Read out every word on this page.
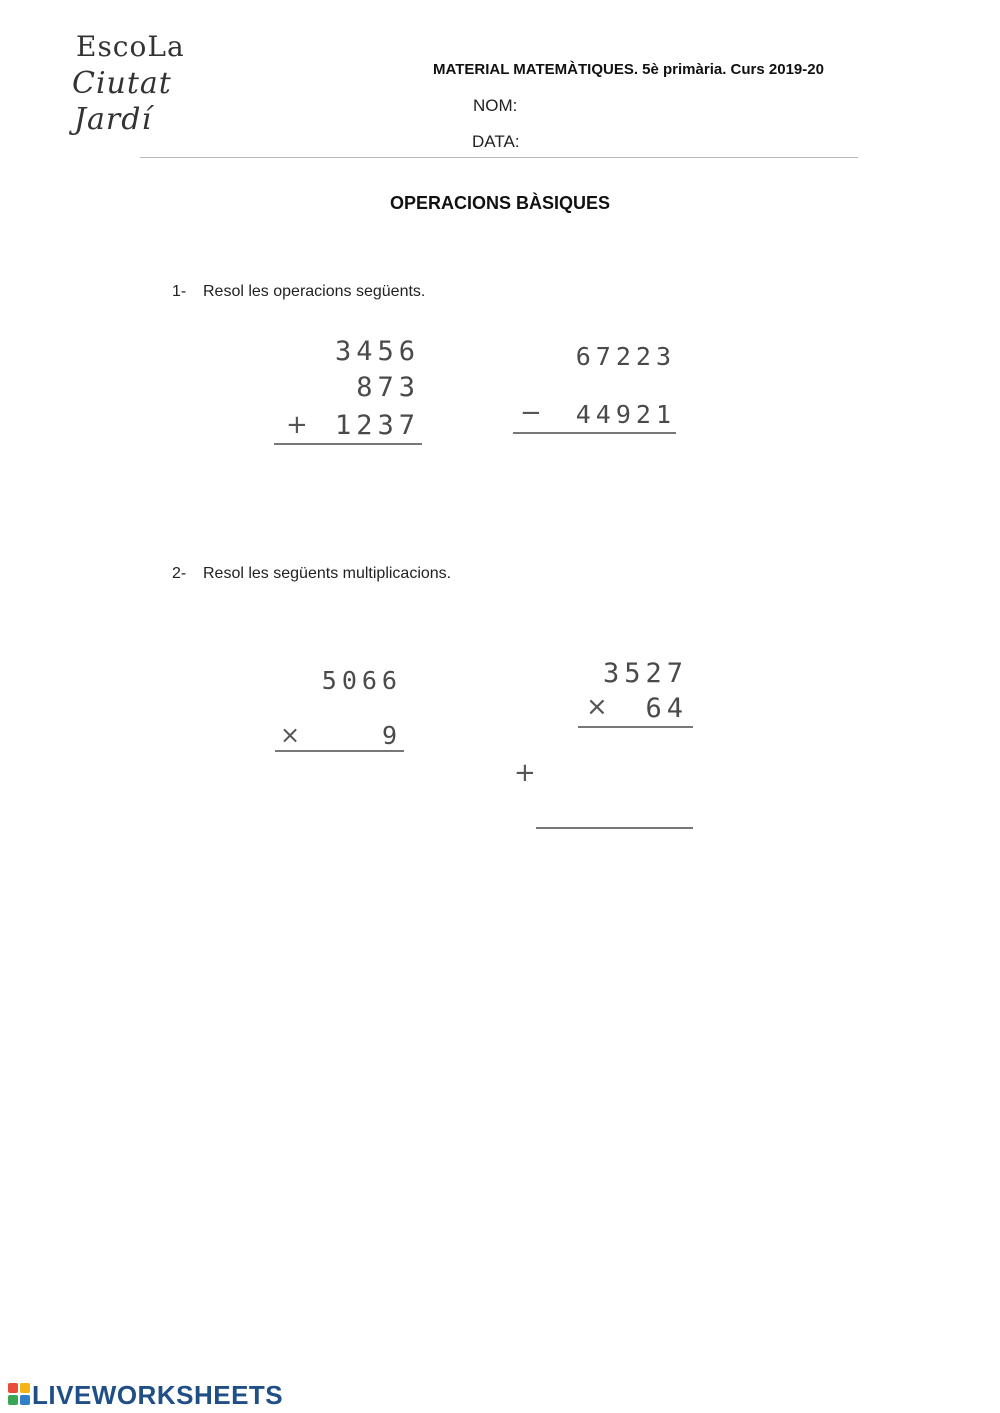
EscoLa
Ciutat
Jardí
MATERIAL MATEMÀTIQUES. 5è primària. Curs 2019-20
NOM:
DATA:
OPERACIONS BÀSIQUES
1- Resol les operacions següents.
3456
873
+ 1237
67223
− 44921
2- Resol les següents multiplicacions.
5066
×	9
3527
× 64
+
LIVEWORKSHEETS
